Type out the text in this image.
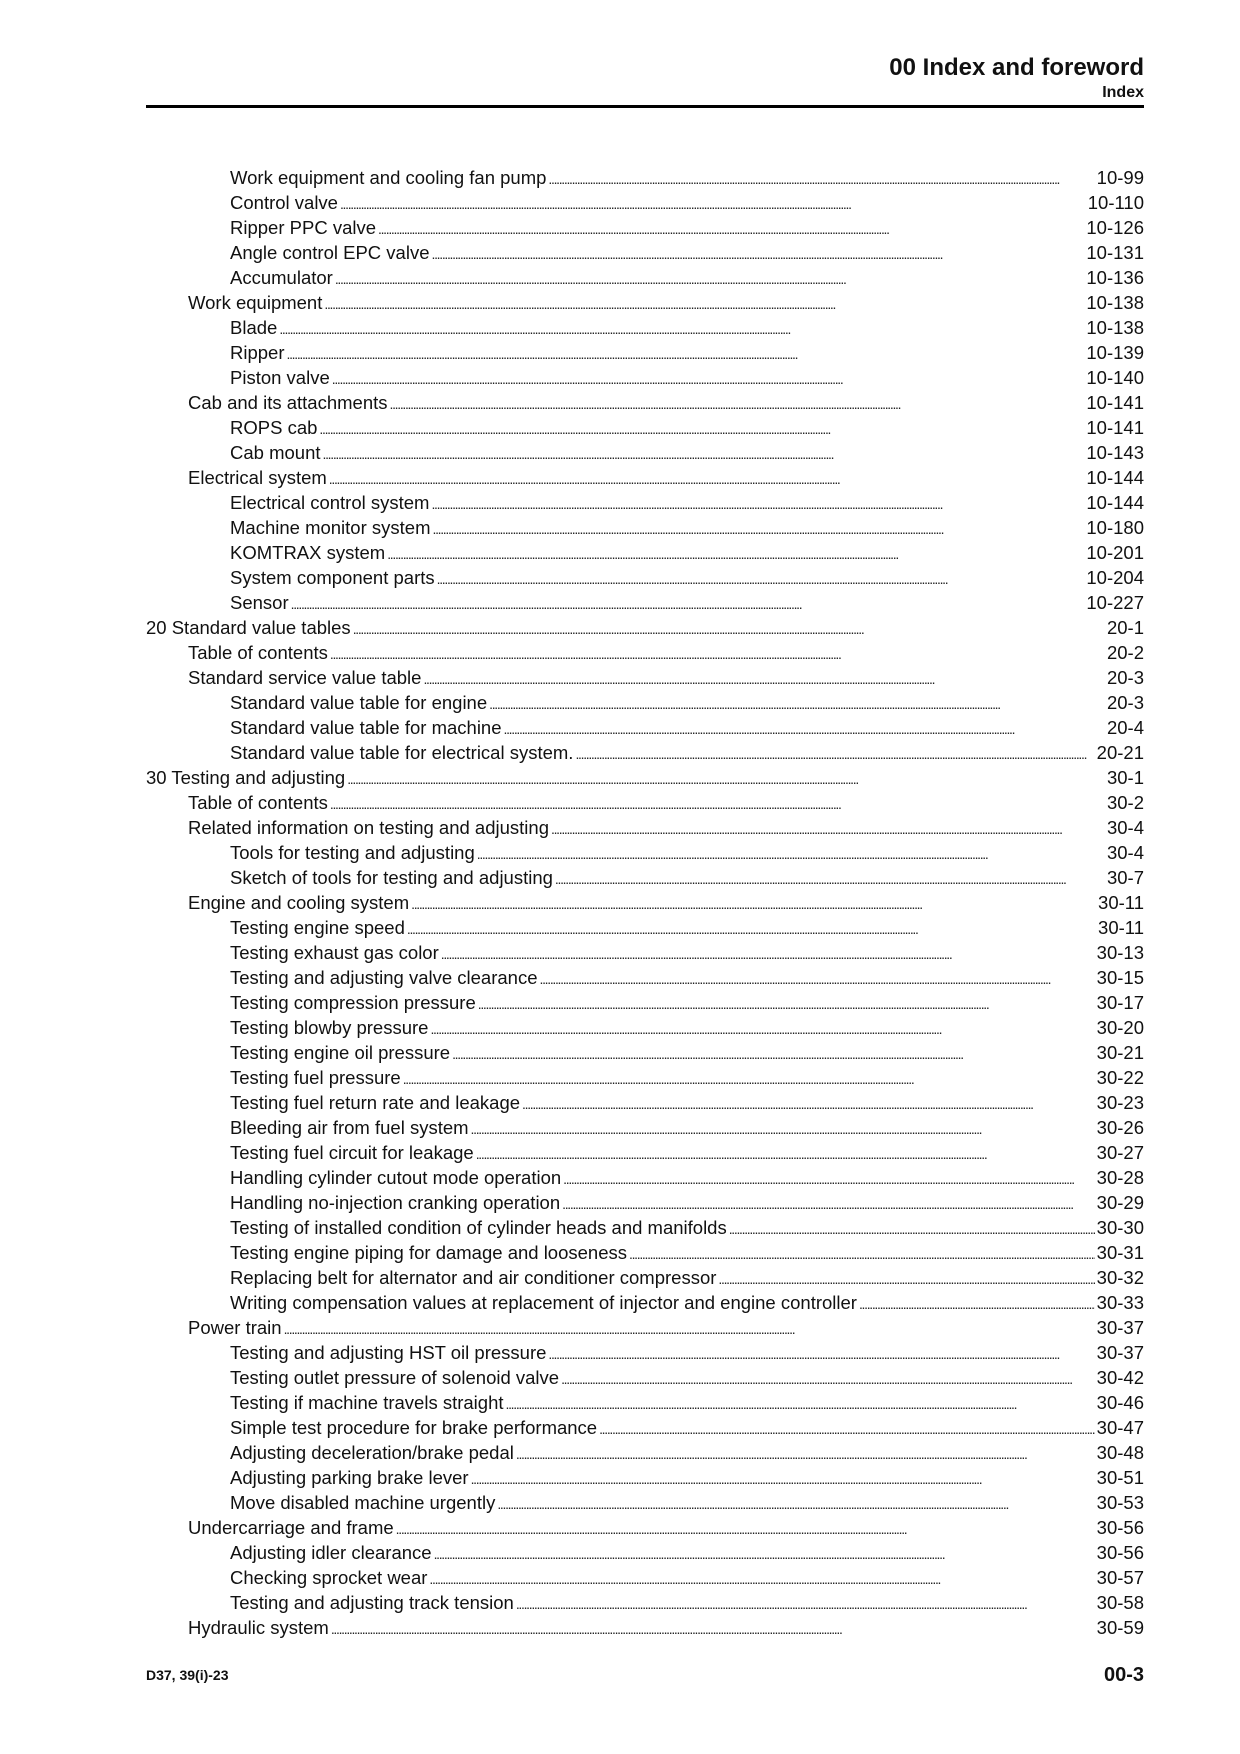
00 Index and foreword
Index
Work equipment and cooling fan pump . . .	10-99
Control valve . . .	10-110
Ripper PPC valve . . .	10-126
Angle control EPC valve . . .	10-131
Accumulator . . .	10-136
Work equipment . . .	10-138
Blade . . .	10-138
Ripper . . .	10-139
Piston valve . . .	10-140
Cab and its attachments . . .	10-141
ROPS cab . . .	10-141
Cab mount . . .	10-143
Electrical system . . .	10-144
Electrical control system . . .	10-144
Machine monitor system . . .	10-180
KOMTRAX system . . .	10-201
System component parts . . .	10-204
Sensor . . .	10-227
20 Standard value tables . . .	20-1
Table of contents . . .	20-2
Standard service value table . . .	20-3
Standard value table for engine . . .	20-3
Standard value table for machine . . .	20-4
Standard value table for electrical system. . . .	20-21
30 Testing and adjusting . . .	30-1
Table of contents . . .	30-2
Related information on testing and adjusting . . .	30-4
Tools for testing and adjusting . . .	30-4
Sketch of tools for testing and adjusting . . .	30-7
Engine and cooling system . . .	30-11
Testing engine speed . . .	30-11
Testing exhaust gas color . . .	30-13
Testing and adjusting valve clearance . . .	30-15
Testing compression pressure . . .	30-17
Testing blowby pressure . . .	30-20
Testing engine oil pressure . . .	30-21
Testing fuel pressure . . .	30-22
Testing fuel return rate and leakage . . .	30-23
Bleeding air from fuel system . . .	30-26
Testing fuel circuit for leakage . . .	30-27
Handling cylinder cutout mode operation . . .	30-28
Handling no-injection cranking operation . . .	30-29
Testing of installed condition of cylinder heads and manifolds . . .	30-30
Testing engine piping for damage and looseness . . .	30-31
Replacing belt for alternator and air conditioner compressor . . .	30-32
Writing compensation values at replacement of injector and engine controller . . .	30-33
Power train . . .	30-37
Testing and adjusting HST oil pressure . . .	30-37
Testing outlet pressure of solenoid valve . . .	30-42
Testing if machine travels straight . . .	30-46
Simple test procedure for brake performance . . .	30-47
Adjusting deceleration/brake pedal . . .	30-48
Adjusting parking brake lever . . .	30-51
Move disabled machine urgently . . .	30-53
Undercarriage and frame . . .	30-56
Adjusting idler clearance . . .	30-56
Checking sprocket wear . . .	30-57
Testing and adjusting track tension . . .	30-58
Hydraulic system . . .	30-59
D37, 39(i)-23	00-3
